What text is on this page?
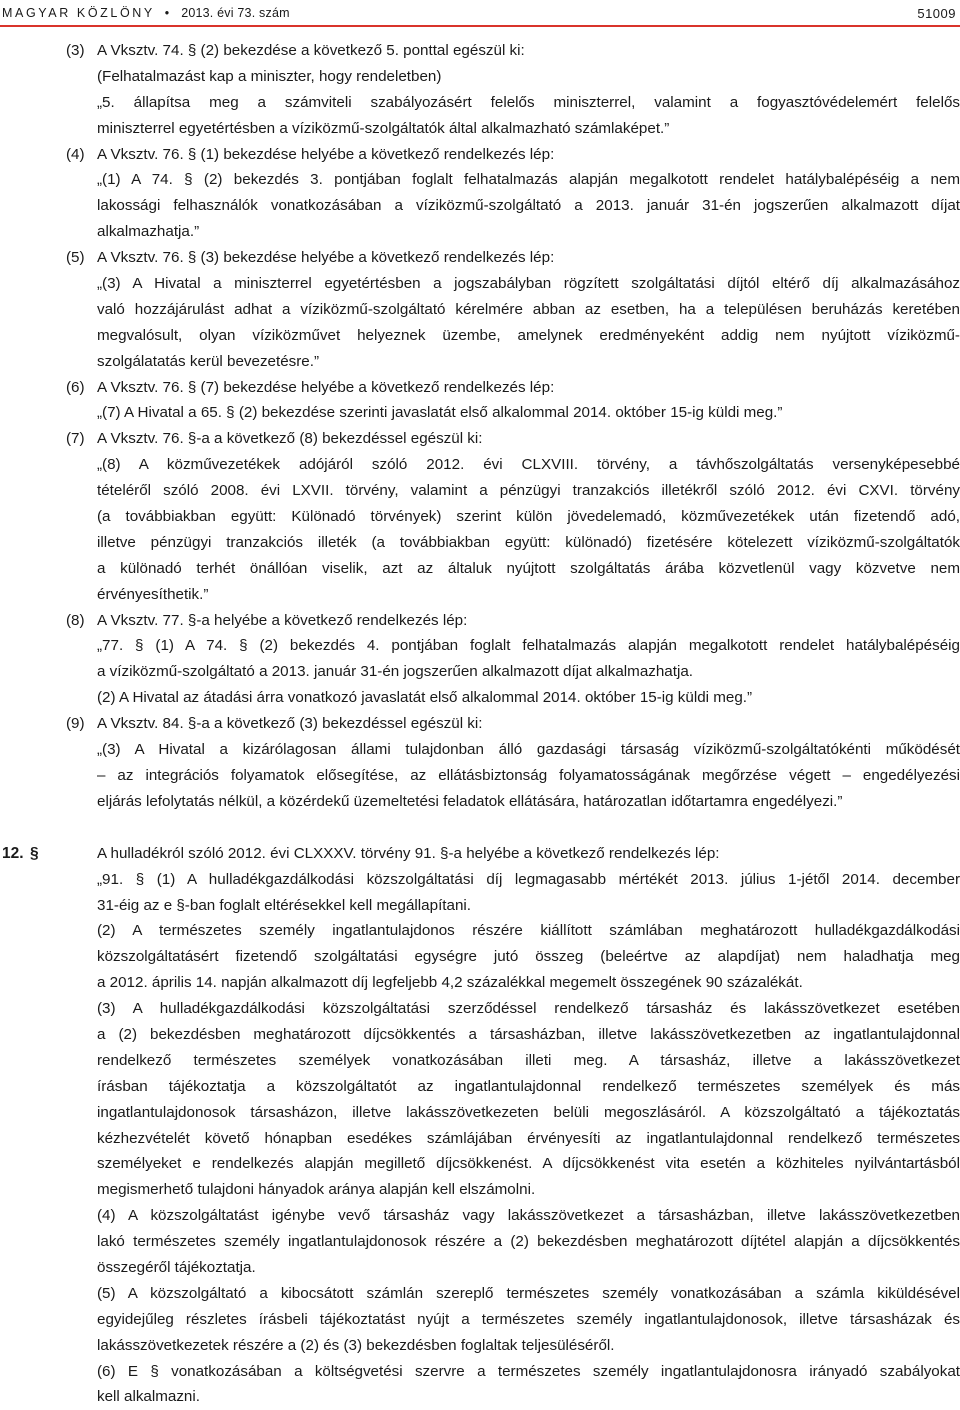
MAGYAR KÖZLÖNY • 2013. évi 73. szám	51009
(3) A Vksztv. 74. § (2) bekezdése a következő 5. ponttal egészül ki:
(Felhatalmazást kap a miniszter, hogy rendeletben)
„5. állapítsa meg a számviteli szabályozásért felelős miniszterrel, valamint a fogyasztóvédelemért felelős
miniszterrel egyetértésben a víziközmű-szolgáltatók által alkalmazható számlaképet.”
(4) A Vksztv. 76. § (1) bekezdése helyébe a következő rendelkezés lép:
„(1) A 74. § (2) bekezdés 3. pontjában foglalt felhatalmazás alapján megalkotott rendelet hatálybalépéséig a nem
lakossági felhasználók vonatkozásában a víziközmű-szolgáltató a 2013. január 31-én jogszerűen alkalmazott díjat
alkalmazhatja.”
(5) A Vksztv. 76. § (3) bekezdése helyébe a következő rendelkezés lép:
„(3) A Hivatal a miniszterrel egyetértésben a jogszabályban rögzített szolgáltatási díjtól eltérő díj alkalmazásához
való hozzájárulást adhat a víziközmű-szolgáltató kérelmére abban az esetben, ha a településen beruházás keretében
megvalósult, olyan víziközművet helyeznek üzembe, amelynek eredményeként addig nem nyújtott víziközmű-
szolgálatatás kerül bevezetésre.”
(6) A Vksztv. 76. § (7) bekezdése helyébe a következő rendelkezés lép:
„(7) A Hivatal a 65. § (2) bekezdése szerinti javaslatát első alkalommal 2014. október 15-ig küldi meg.”
(7) A Vksztv. 76. §-a a következő (8) bekezdéssel egészül ki:
„(8) A közművezetékek adójáról szóló 2012. évi CLXVIII. törvény, a távhőszolgáltatás versenyképesebbé
tételéről szóló 2008. évi LXVII. törvény, valamint a pénzügyi tranzakciós illetékről szóló 2012. évi CXVI. törvény
(a továbbiakban együtt: Különadó törvények) szerint külön jövedelemadó, közművezetékek után fizetendő adó,
illetve pénzügyi tranzakciós illeték (a továbbiakban együtt: különadó) fizetésére kötelezett víziközmű-szolgáltatók
a különadó terhét önállóan viselik, azt az általuk nyújtott szolgáltatás árába közvetlenül vagy közvetve nem
érvényesíthetik.”
(8) A Vksztv. 77. §-a helyébe a következő rendelkezés lép:
„77. § (1) A 74. § (2) bekezdés 4. pontjában foglalt felhatalmazás alapján megalkotott rendelet hatálybalépéséig
a víziközmű-szolgáltató a 2013. január 31-én jogszerűen alkalmazott díjat alkalmazhatja.
(2) A Hivatal az átadási árra vonatkozó javaslatát első alkalommal 2014. október 15-ig küldi meg.”
(9) A Vksztv. 84. §-a a következő (3) bekezdéssel egészül ki:
„(3) A Hivatal a kizárólagosan állami tulajdonban álló gazdasági társaság víziközmű-szolgáltatókénti működését
– az integrációs folyamatok elősegítése, az ellátásbiztonság folyamatosságának megőrzése végett – engedélyezési
eljárás lefolytatás nélkül, a közérdekű üzemeltetési feladatok ellátására, határozatlan időtartamra engedélyezi.”
12. §	A hulladékról szóló 2012. évi CLXXXV. törvény 91. §-a helyébe a következő rendelkezés lép:
„91. § (1) A hulladékgazdálkodási közszolgáltatási díj legmagasabb mértékét 2013. július 1-jétől 2014. december
31-éig az e §-ban foglalt eltérésekkel kell megállapítani.
(2) A természetes személy ingatlantulajdonos részére kiállított számlában meghatározott hulladékgazdálkodási
közszolgáltatásért fizetendő szolgáltatási egységre jutó összeg (beleértve az alapdíjat) nem haladhatja meg
a 2012. április 14. napján alkalmazott díj legfeljebb 4,2 százalékkal megemelt összegének 90 százalékát.
(3) A hulladékgazdálkodási közszolgáltatási szerződéssel rendelkező társasház és lakásszövetkezet esetében
a (2) bekezdésben meghatározott díjcsökkentés a társasházban, illetve lakásszövetkezetben az ingatlantulajdonnal
rendelkező természetes személyek vonatkozásában illeti meg. A társasház, illetve a lakásszövetkezet
írásban tájékoztatja a közszolgáltatót az ingatlantulajdonnal rendelkező természetes személyek és más
ingatlantulajdonosok társasházon, illetve lakásszövetkezeten belüli megoszlásáról. A közszolgáltató a tájékoztatás
kézhezvételét követő hónapban esedékes számlájában érvényesíti az ingatlantulajdonnal rendelkező természetes
személyeket e rendelkezés alapján megillető díjcsökkenést. A díjcsökkenést vita esetén a közhiteles nyilvántartásból
megismerhető tulajdoni hányadok aránya alapján kell elszámolni.
(4) A közszolgáltatást igénybe vevő társasház vagy lakásszövetkezet a társasházban, illetve lakásszövetkezetben
lakó természetes személy ingatlantulajdonosok részére a (2) bekezdésben meghatározott díjtétel alapján a díjcsökkentés
összegéről tájékoztatja.
(5) A közszolgáltató a kibocsátott számlán szereplő természetes személy vonatkozásában a számla kiküldésével
egyidejűleg részletes írásbeli tájékoztatást nyújt a természetes személy ingatlantulajdonosok, illetve társasházak és
lakásszövetkezetek részére a (2) és (3) bekezdésben foglaltak teljesüléséről.
(6) E § vonatkozásában a költségvetési szervre a természetes személy ingatlantulajdonosra irányadó szabályokat
kell alkalmazni.
